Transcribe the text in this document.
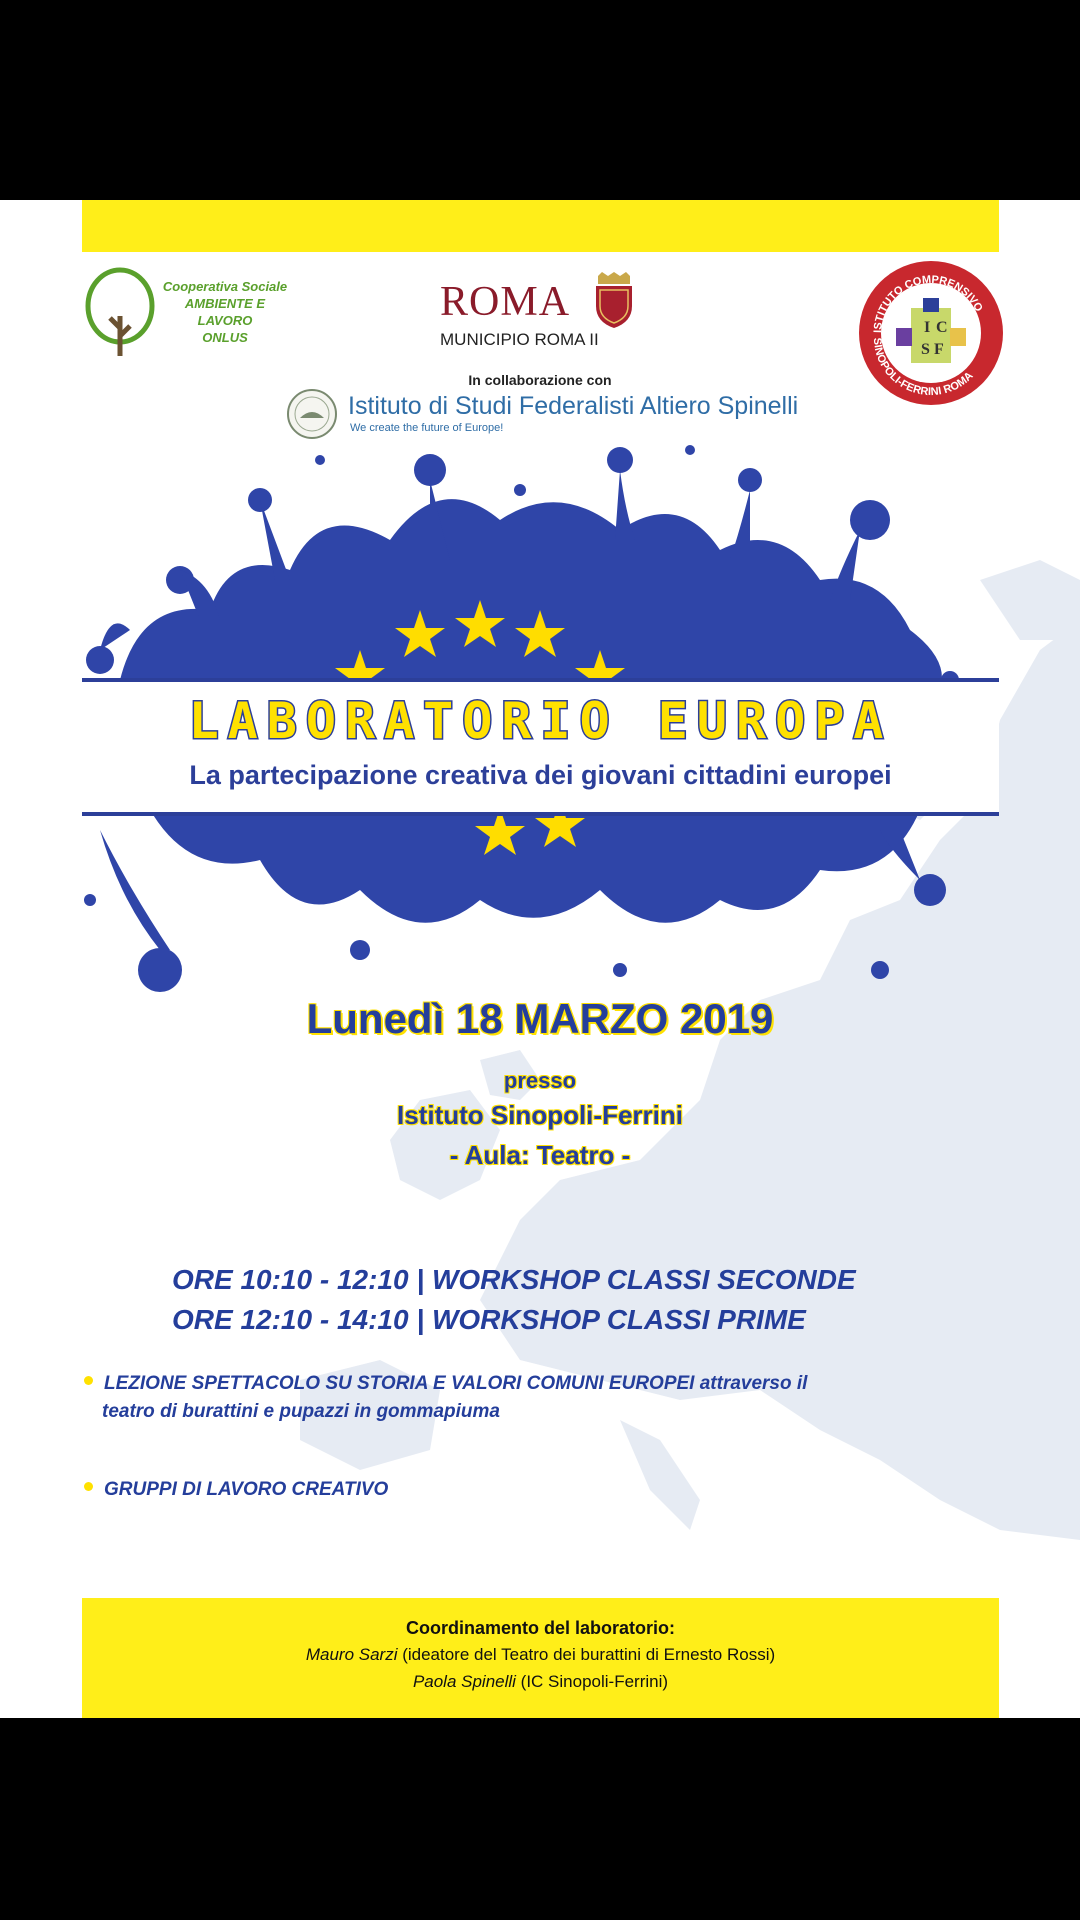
Cooperativa Sociale
AMBIENTE E LAVORO
ONLUS
ROMA
MUNICIPIO ROMA II	ISTITUTO COMPRENSIVO
SINOPOLI-FERRINI ROMA
I C
S F
In collaborazione con
Istituto di Studi Federalisti Altiero Spinelli
We create the future of Europe!
LABORATORIO EUROPA
La partecipazione creativa dei giovani cittadini europei
Lunedì 18 MARZO 2019
presso
Istituto Sinopoli-Ferrini
- Aula: Teatro -
ORE 10:10 - 12:10 | WORKSHOP CLASSI SECONDE
ORE 12:10 - 14:10 | WORKSHOP CLASSI PRIME
LEZIONE SPETTACOLO SU STORIA E VALORI COMUNI EUROPEI attraverso il
teatro di burattini e pupazzi in gommapiuma
GRUPPI DI LAVORO CREATIVO
Coordinamento del laboratorio:
Mauro Sarzi (ideatore del Teatro dei burattini di Ernesto Rossi)
Paola Spinelli (IC Sinopoli-Ferrini)
